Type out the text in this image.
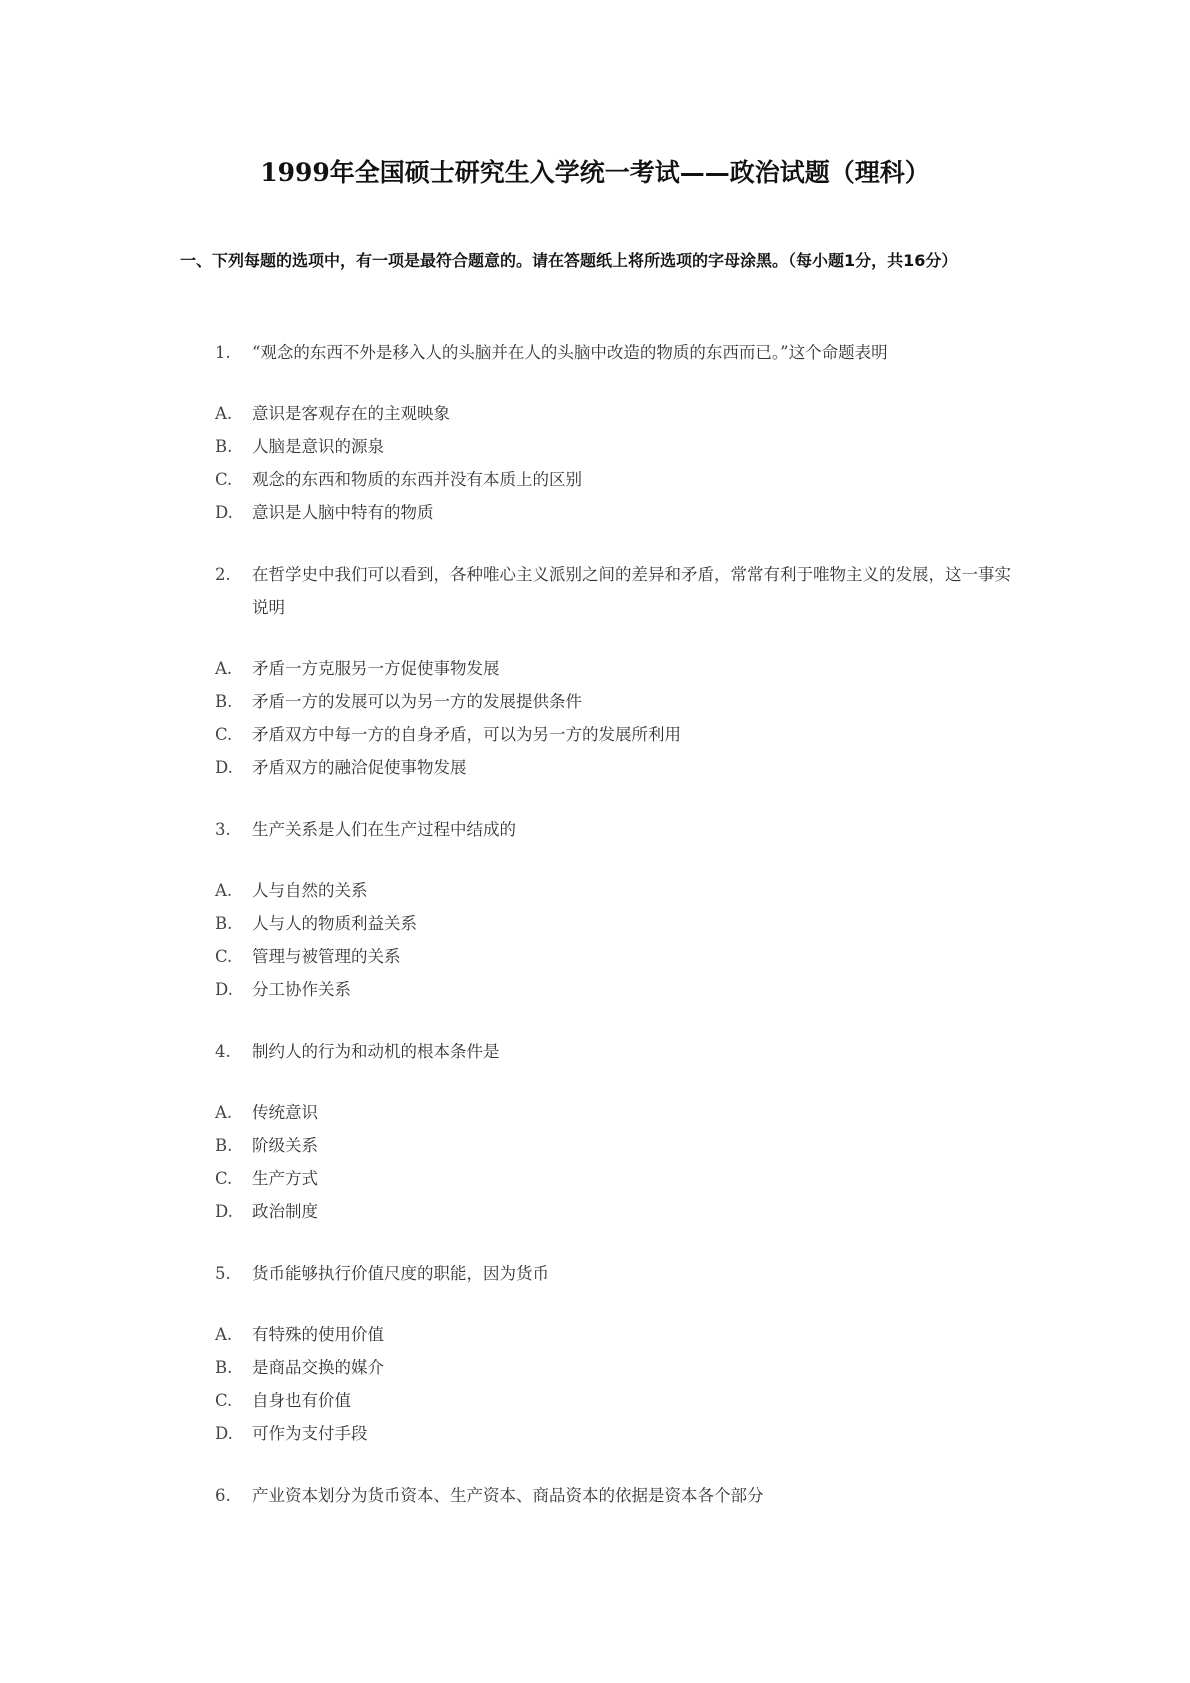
1999年全国硕士研究生入学统一考试——政治试题（理科）
一、下列每题的选项中，有一项是最符合题意的。请在答题纸上将所选项的字母涂黑。（每小题1分，共16分）
1.	“观念的东西不外是移入人的头脑并在人的头脑中改造的物质的东西而已。”这个命题表明
A.	意识是客观存在的主观映象
B.	人脑是意识的源泉
C.	观念的东西和物质的东西并没有本质上的区别
D.	意识是人脑中特有的物质
2.	在哲学史中我们可以看到，各种唯心主义派别之间的差异和矛盾，常常有利于唯物主义的发展，这一事实说明
A.	矛盾一方克服另一方促使事物发展
B.	矛盾一方的发展可以为另一方的发展提供条件
C.	矛盾双方中每一方的自身矛盾，可以为另一方的发展所利用
D.	矛盾双方的融洽促使事物发展
3.	生产关系是人们在生产过程中结成的
A.	人与自然的关系
B.	人与人的物质利益关系
C.	管理与被管理的关系
D.	分工协作关系
4.	制约人的行为和动机的根本条件是
A.	传统意识
B.	阶级关系
C.	生产方式
D.	政治制度
5.	货币能够执行价值尺度的职能，因为货币
A.	有特殊的使用价值
B.	是商品交换的媒介
C.	自身也有价值
D.	可作为支付手段
6.	产业资本划分为货币资本、生产资本、商品资本的依据是资本各个部分
